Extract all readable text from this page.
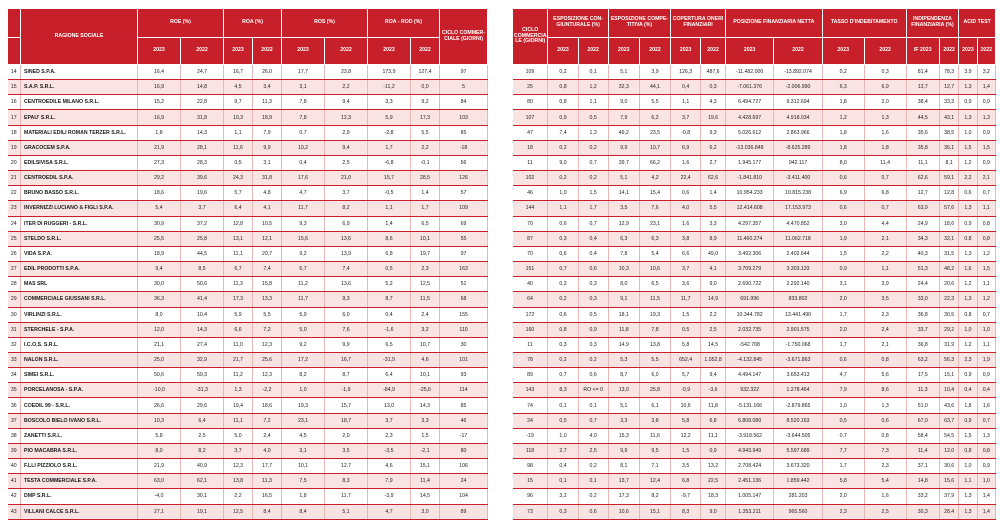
	RAGIONE SOCIALE	ROE (%)		ROA (%)		ROS (%)		ROA - ROD (%)		CICLO COMMER-CIALE (GIORNI)
		2023	2022	2023	2022	2023	2022	2023	2022	
14	SINED S.P.A.	16,4	24,7	16,7	26,0	17,7	23,8	173,9	127,4	97
15	S.A.P. S.R.L.	16,9	14,8	4,5	3,4	3,1	2,2	-11,2	0,0	5
16	CENTROEDILE MILANO S.R.L.	15,2	22,8	9,7	11,3	7,8	9,4	3,3	9,2	84
17	EPAU' S.R.L.	16,9	31,8	10,3	18,9	7,8	12,3	5,9	17,3	103
18	MATERIALI EDILI ROMAN TERZER S.R.L.	1,8	14,3	1,1	7,9	0,7	2,9	-2,8	5,5	85
19	GRACOCEM S.P.A.	21,9	28,1	11,6	9,9	10,2	9,4	1,7	2,2	-18
20	EDILSIVISA S.R.L.	27,3	28,3	0,5	3,1	0,4	2,5	-6,8	-0,1	56
21	CENTROEDIL S.P.A.	29,2	39,6	24,3	31,8	17,6	21,0	15,7	28,5	126
22	BRUNO BASSO S.R.L.	18,6	19,6	5,7	4,8	4,7	3,7	-0,5	1,4	57
23	INVERNIZZI LUCIANO & FIGLI S.P.A.	5,4	3,7	6,4	4,1	11,7	8,2	1,1	1,7	109
24	ITER DI RUGGERI - S.R.L.	30,9	37,2	12,8	10,5	9,3	6,9	1,4	6,5	69
25	STELDO S.R.L.	25,5	25,8	13,1	12,1	15,6	13,6	8,6	10,1	55
26	VIDA S.P.A.	18,9	44,5	11,1	20,7	9,2	13,9	6,8	19,7	97
27	EDIL PRODOTTI S.P.A.	9,4	8,5	6,7	7,4	6,7	7,4	0,5	2,3	163
28	MAS SRL	30,0	50,6	11,3	15,8	11,2	13,6	5,2	12,5	51
29	COMMERCIALE GIUSSANI S.R.L.	36,3	41,4	17,3	13,3	11,7	9,3	8,7	11,5	68
30	VIRLINZI S.R.L.	8,0	10,4	5,9	5,5	5,9	6,0	0,4	2,4	155
31	STERCHELE - S.P.A.	12,0	14,3	6,6	7,2	5,0	7,6	-1,6	3,2	110
32	I.C.O.S. S.R.L.	21,1	27,4	11,0	12,3	9,2	9,9	6,5	10,7	30
33	NALON S.R.L.	25,0	32,9	21,7	25,6	17,2	16,7	-31,9	4,6	101
34	SIMEI S.R.L.	50,6	59,3	11,2	12,3	8,2	8,7	6,4	10,1	93
35	PORCELANOSA - S.P.A.	-10,0	-31,3	1,3	-2,2	1,0	-1,9	-84,9	-25,6	114
36	COEDIL 99 - S.R.L.	26,6	29,6	19,4	18,6	19,3	15,7	13,0	14,3	85
37	BOSCOLO BIELO IVANO S.R.L.	10,3	6,4	11,1	7,2	23,1	18,7	3,7	3,3	46
38	ZANETTI S.R.L.	5,8	2,5	5,0	2,4	4,5	2,0	2,3	1,5	-17
39	PIO MACABRA S.R.L.	8,0	8,2	3,7	4,0	3,1	3,5	-3,5	-2,1	80
40	F.LLI PIZZIOLO S.R.L.	21,9	40,9	12,3	17,7	10,1	12,7	4,6	15,1	106
41	TESTA COMMERCIALE S.P.A.	63,0	62,1	13,8	11,3	7,5	8,3	7,9	11,4	24
42	DMP S.R.L.	-4,0	30,1	2,2	16,5	1,8	11,7	-3,9	14,5	104
43	VILLANI CALCE S.R.L.	27,1	19,1	12,5	8,4	8,4	5,1	4,7	3,0	89
CICLO COMMERCIA-LE (GIORNI)	ESPOSIZIONE CON-GIUNTURALE (%)		ESPOSIZIONE COMPE-TITIVA (%)		COPERTURA ONERI FINANZIARI		POSIZIONE FINANZIARIA NETTA		TASSO D'INDEBITAMENTO		INDIPENDENZA FINANZIARIA (%)		ACID TEST	
	2023	2022	2023	2022	2023	2022	2023	2022	2023	2022	IF 2023	2022	2023	2022
109	0,2	0,1	5,1	3,9	126,3	487,6	-11.482.000	-13.892.074	0,2	0,3	81,4	78,3	3,9	3,2
25	0,8	1,2	32,3	44,1	0,4	0,3	-7.061.376	-2.006.990	6,3	6,9	13,7	12,7	1,3	1,4
80	0,8	1,1	9,0	5,5	1,1	4,3	6.494.727	9.312.694	1,8	2,0	38,4	33,3	0,9	0,9
107	0,9	0,5	7,9	6,2	3,7	19,6	4.428.697	4.918.034	1,2	1,3	44,5	43,1	1,3	1,3
47	7,4	1,3	49,2	23,5	-0,8	9,3	5.026.612	2.863.966	1,8	1,6	35,6	38,5	1,0	0,9
18	0,2	0,2	9,9	10,7	6,9	6,2	-13.036.848	-8.625.289	1,8	1,8	35,8	36,1	1,5	1,5
11	9,0	0,7	39,7	66,2	1,6	2,7	1.945.177	942.117	8,0	11,4	11,1	8,1	1,2	0,9
102	0,2	0,2	5,1	4,2	22,4	62,6	-1.841.810	-3.411.400	0,6	0,7	62,6	59,1	2,2	2,1
46	1,0	1,5	14,1	15,4	0,6	1,4	10.954.233	10.815.238	6,9	6,8	12,7	12,8	0,6	0,7
144	1,1	1,7	3,5	7,6	4,0	5,5	12.414.608	17.153.973	0,6	0,7	63,9	57,6	1,3	1,1
70	0,6	0,7	12,9	23,1	1,6	3,3	4.297.357	4.470.852	3,0	4,4	24,9	18,6	0,9	0,8
87	0,3	0,4	6,3	6,3	3,8	8,9	11.460.274	11.062.718	1,9	2,1	34,3	32,1	0,8	0,8
70	0,6	0,4	7,8	5,4	6,6	49,0	3.492.306	2.402.644	1,5	2,2	40,3	31,5	1,3	1,2
151	0,7	0,6	10,3	10,6	3,7	4,1	3.709.279	3.303.133	0,9	1,1	51,3	48,2	1,6	1,5
40	0,3	0,3	8,0	6,5	3,6	9,0	2.690.722	2.292.140	3,1	3,9	24,4	20,6	1,2	1,1
64	0,2	0,3	9,1	11,5	11,7	14,9	691.996	833.802	2,0	3,5	33,0	22,3	1,3	1,2
172	0,6	0,5	18,1	19,3	1,5	2,2	10.344.782	13.441.490	1,7	2,3	36,8	30,5	0,8	0,7
160	0,8	0,9	11,8	7,8	0,5	2,5	2.032.735	2.901.575	2,0	2,4	33,7	29,2	1,0	1,0
11	0,3	0,3	14,9	13,8	5,8	14,5	-542.708	-1.750.068	1,7	2,1	36,8	31,9	1,2	1,1
78	0,2	0,2	5,3	5,5	652,4	1.052,8	-4.132.845	-3.671.863	0,6	0,8	63,2	56,3	2,3	1,9
89	0,7	0,6	8,7	6,0	5,7	9,4	4.494.147	3.653.413	4,7	5,6	17,5	15,1	0,9	0,9
143	8,3	RO <= 0	13,0	25,8	-0,9	-3,6	932.322	1.278.464	7,9	8,6	11,3	10,4	0,4	0,4
74	0,1	0,1	5,1	6,1	10,6	11,8	-5.131.166	-2.879.865	1,0	1,3	51,0	43,6	1,8	1,6
24	0,5	0,7	3,3	3,8	5,8	6,8	6.808.089	8.520.163	0,5	0,6	67,0	63,7	0,9	0,7
-19	1,0	4,0	15,3	11,6	12,2	11,1	-3.918.562	-3.644.505	0,7	0,8	58,4	54,5	1,5	1,3
118	2,7	2,5	9,9	9,5	1,5	0,9	4.943.949	5.597.689	7,7	7,3	11,4	12,0	0,8	0,8
98	0,4	0,2	8,1	7,1	3,5	13,2	2.708.424	3.673.320	1,7	2,3	37,1	30,6	1,0	0,9
15	0,1	0,1	13,7	12,4	6,8	22,5	2.451.136	1.859.442	5,8	5,4	14,8	15,6	1,1	1,0
96	3,2	0,2	17,3	8,2	-9,7	18,3	1.005.147	281.203	2,0	1,6	33,2	37,9	1,3	1,4
73	0,3	0,6	10,6	15,1	8,3	9,0	1.353.211	965.560	2,3	2,5	30,3	28,4	1,3	1,4
